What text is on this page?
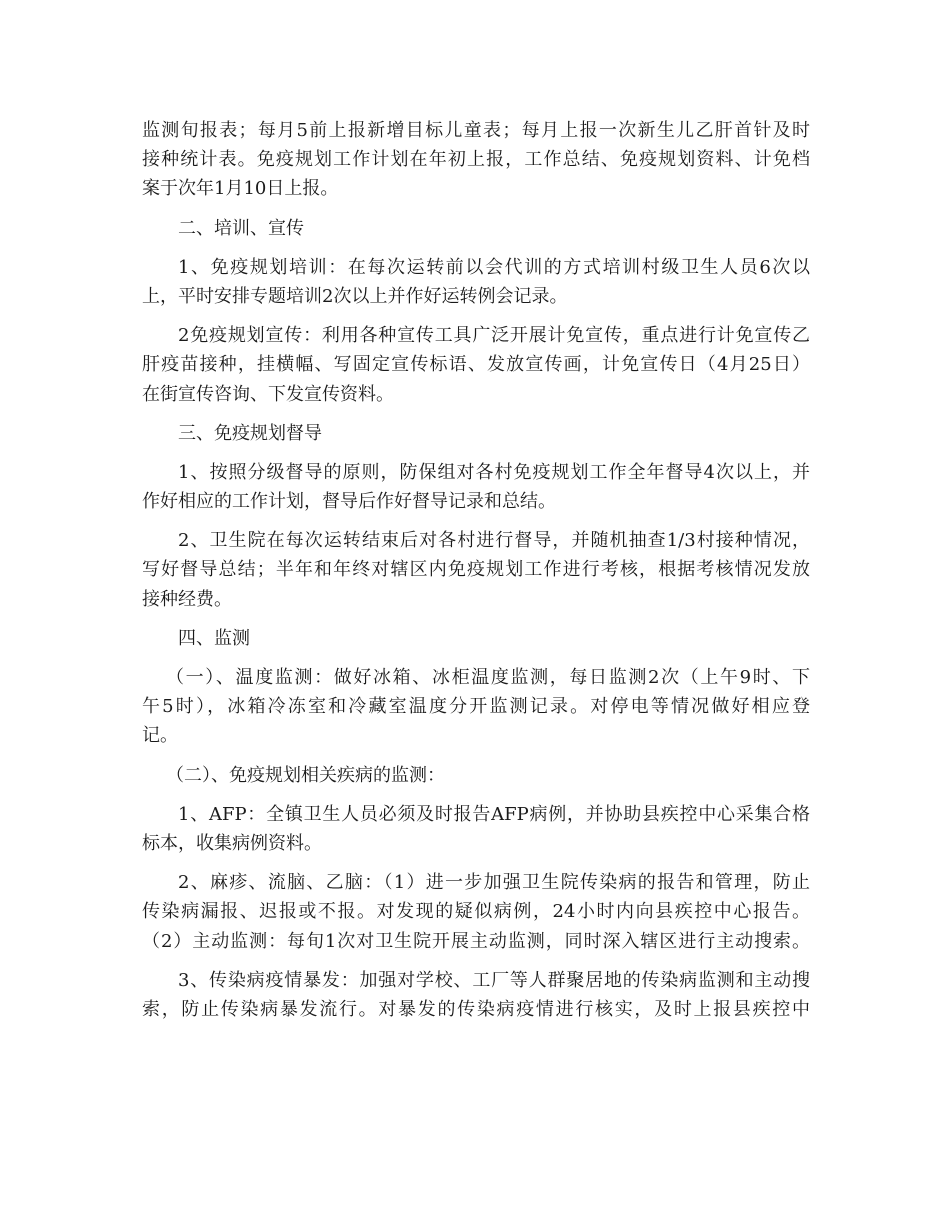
监测旬报表；每月5前上报新增目标儿童表；每月上报一次新生儿乙肝首针及时
接种统计表。免疫规划工作计划在年初上报，工作总结、免疫规划资料、计免档
案于次年1月10日上报。
二、培训、宣传
1、免疫规划培训：在每次运转前以会代训的方式培训村级卫生人员6次以
上，平时安排专题培训2次以上并作好运转例会记录。
2免疫规划宣传：利用各种宣传工具广泛开展计免宣传，重点进行计免宣传乙
肝疫苗接种，挂横幅、写固定宣传标语、发放宣传画，计免宣传日（4月25日）
在街宣传咨询、下发宣传资料。
三、免疫规划督导
1、按照分级督导的原则，防保组对各村免疫规划工作全年督导4次以上，并
作好相应的工作计划，督导后作好督导记录和总结。
2、卫生院在每次运转结束后对各村进行督导，并随机抽查1/3村接种情况，
写好督导总结；半年和年终对辖区内免疫规划工作进行考核，根据考核情况发放
接种经费。
四、监测
（一）、温度监测：做好冰箱、冰柜温度监测，每日监测2次（上午9时、下
午5时），冰箱冷冻室和冷藏室温度分开监测记录。对停电等情况做好相应登
记。
（二）、免疫规划相关疾病的监测：
1、AFP：全镇卫生人员必须及时报告AFP病例，并协助县疾控中心采集合格
标本，收集病例资料。
2、麻疹、流脑、乙脑：（1）进一步加强卫生院传染病的报告和管理，防止
传染病漏报、迟报或不报。对发现的疑似病例，24小时内向县疾控中心报告。
（2）主动监测：每旬1次对卫生院开展主动监测，同时深入辖区进行主动搜索。
3、传染病疫情暴发：加强对学校、工厂等人群聚居地的传染病监测和主动搜
索，防止传染病暴发流行。对暴发的传染病疫情进行核实，及时上报县疾控中
